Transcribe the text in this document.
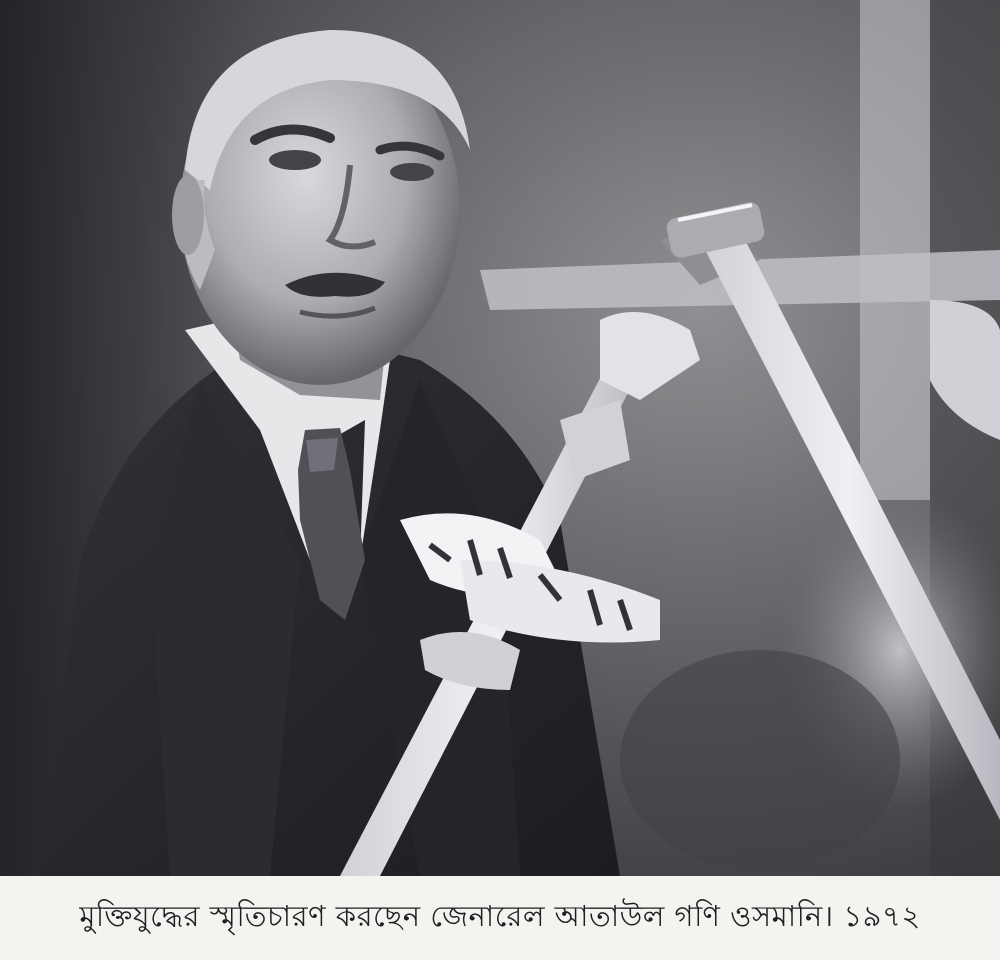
মুক্তিযুদ্ধের স্মৃতিচারণ করছেন জেনারেল আতাউল গণি ওসমানি। ১৯৭২
